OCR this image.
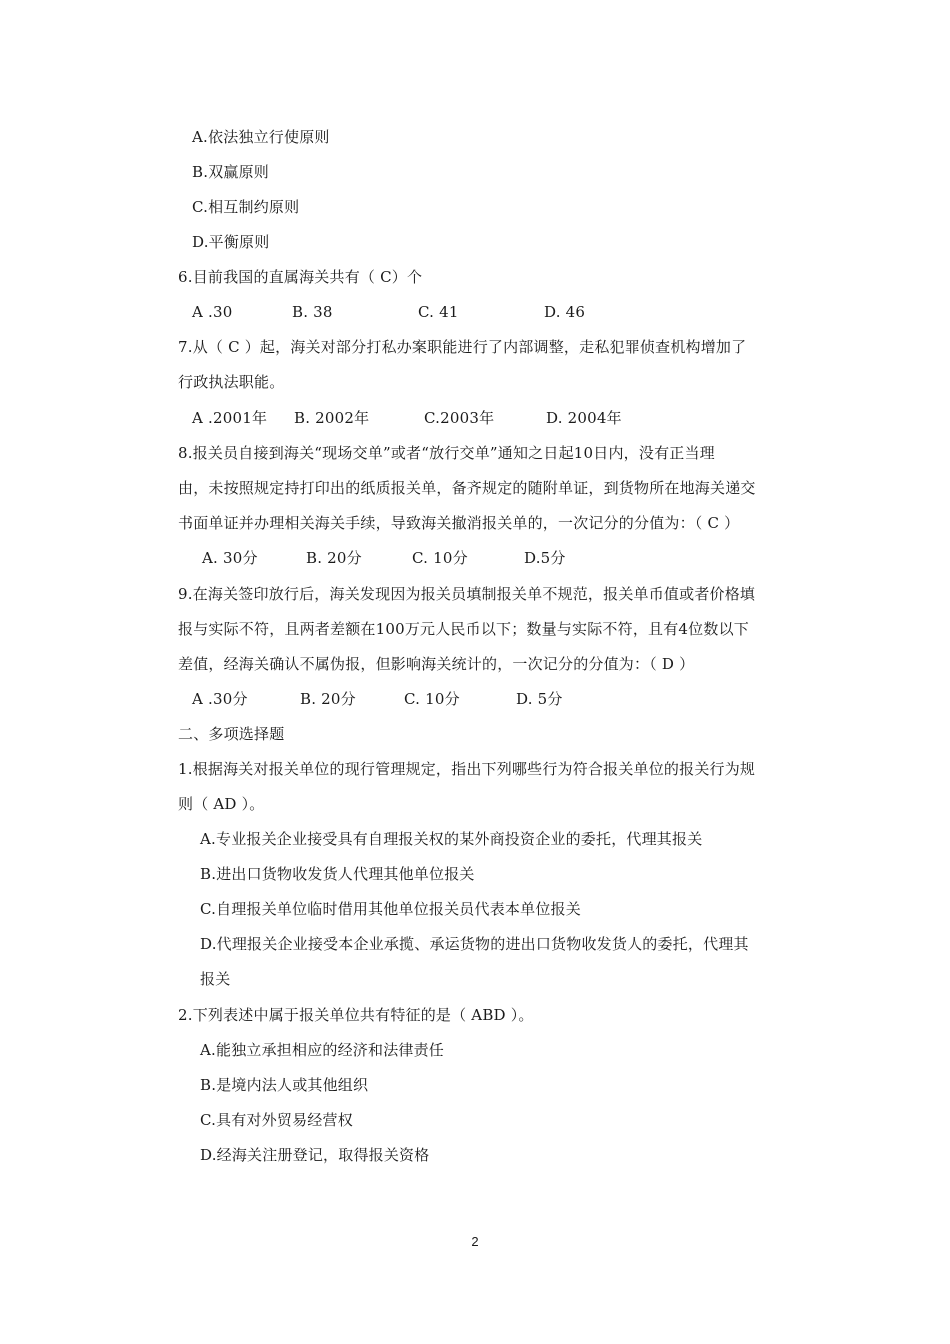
A.依法独立行使原则
B.双赢原则
C.相互制约原则
D.平衡原则
6.目前我国的直属海关共有（ C）个
A .30	B. 38	C. 41	D. 46
7.从（ C ）起，海关对部分打私办案职能进行了内部调整，走私犯罪侦查机构增加了
行政执法职能。
A .2001年 B. 2002年	C.2003年	D. 2004年
8.报关员自接到海关“现场交单”或者“放行交单”通知之日起10日内，没有正当理
由，未按照规定持打印出的纸质报关单，备齐规定的随附单证，到货物所在地海关递交
书面单证并办理相关海关手续，导致海关撤消报关单的，一次记分的分值为：（ C ）
A. 30分	B. 20分	C. 10分	D.5分
9.在海关签印放行后，海关发现因为报关员填制报关单不规范，报关单币值或者价格填
报与实际不符，且两者差额在100万元人民币以下；数量与实际不符，且有4位数以下
差值，经海关确认不属伪报，但影响海关统计的，一次记分的分值为：（ D ）
A .30分	B. 20分	C. 10分	D. 5分
二、多项选择题
1.根据海关对报关单位的现行管理规定，指出下列哪些行为符合报关单位的报关行为规
则（ AD ）。
A.专业报关企业接受具有自理报关权的某外商投资企业的委托，代理其报关
B.进出口货物收发货人代理其他单位报关
C.自理报关单位临时借用其他单位报关员代表本单位报关
D.代理报关企业接受本企业承揽、承运货物的进出口货物收发货人的委托，代理其
报关
2.下列表述中属于报关单位共有特征的是（ ABD ）。
A.能独立承担相应的经济和法律责任
B.是境内法人或其他组织
C.具有对外贸易经营权
D.经海关注册登记，取得报关资格
2
